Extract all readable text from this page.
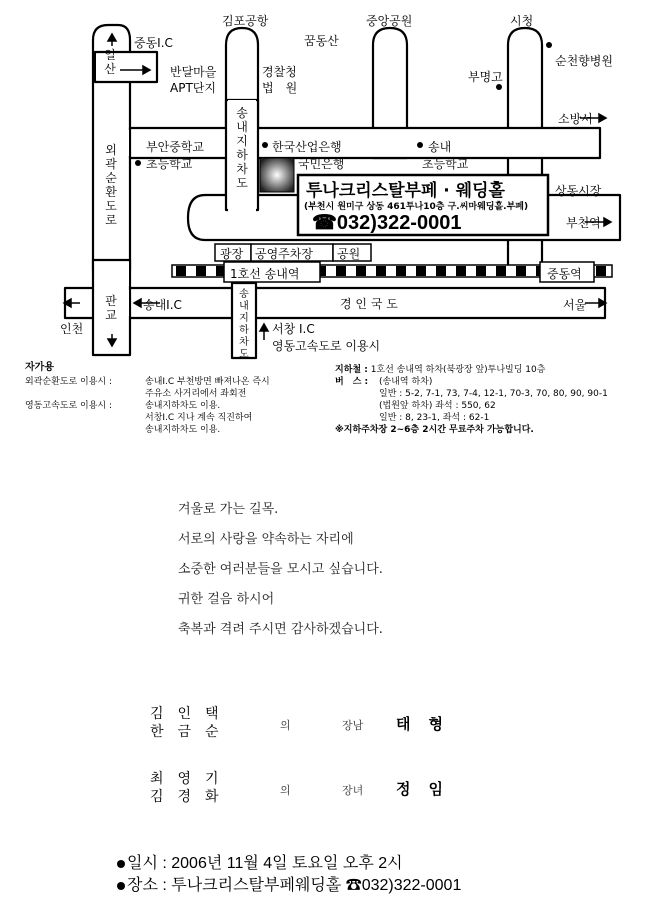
김포공항
꿈동산
중앙공원	시청
중동I.C
일산	반달마을
APT단지
경찰청
법　원
부명고
순천향병원
소방서
부안중학교
초등학교
한국산업은행
국민은행
송내
초등학교
외곽순환도로
송내지하차도
상동시장
부천역
광장 공영주차장 공원
1호선 송내역	중동역
판교
인천
송내I.C	경 인 국 도	서울
서창 I.C
영동고속도로 이용시
송내지하차도
투나크리스탈부페 · 웨딩홀
(부천시 원미구 상동 461투나10층 구.씨마웨딩홀.부페)
☎032)322-0001
자가용
외곽순환도로 이용시 :	송내I.C 부천방면 빠져나온 즉시
주유소 사거리에서 좌회전
영동고속도로 이용시 :	송내지하차도 이용.
서창I.C 지나 계속 직진하여
송내지하차도 이용.
지하철 : 1호선 송내역 하차(북광장 앞)투나빌딩 10층
버　스 :	(송내역 하차)
일반 : 5-2, 7-1, 73, 7-4, 12-1, 70-3, 70, 80, 90, 90-1
(법원앞 하차) 좌석 : 550, 62
일반 : 8, 23-1, 좌석 : 62-1
※지하주차장 2~6층 2시간 무료주차 가능합니다.
겨울로 가는 길목.
서로의 사랑을 약속하는 자리에
소중한 여러분들을 모시고 싶습니다.
귀한 걸음 하시어
축복과 격려 주시면 감사하겠습니다.
김인택
한금순	의	장남 태형
최영기
김경화	의	장녀 정임
일시 : 2006년 11월 4일 토요일 오후 2시
장소 : 투나크리스탈부페웨딩홀 ☎032)322-0001
